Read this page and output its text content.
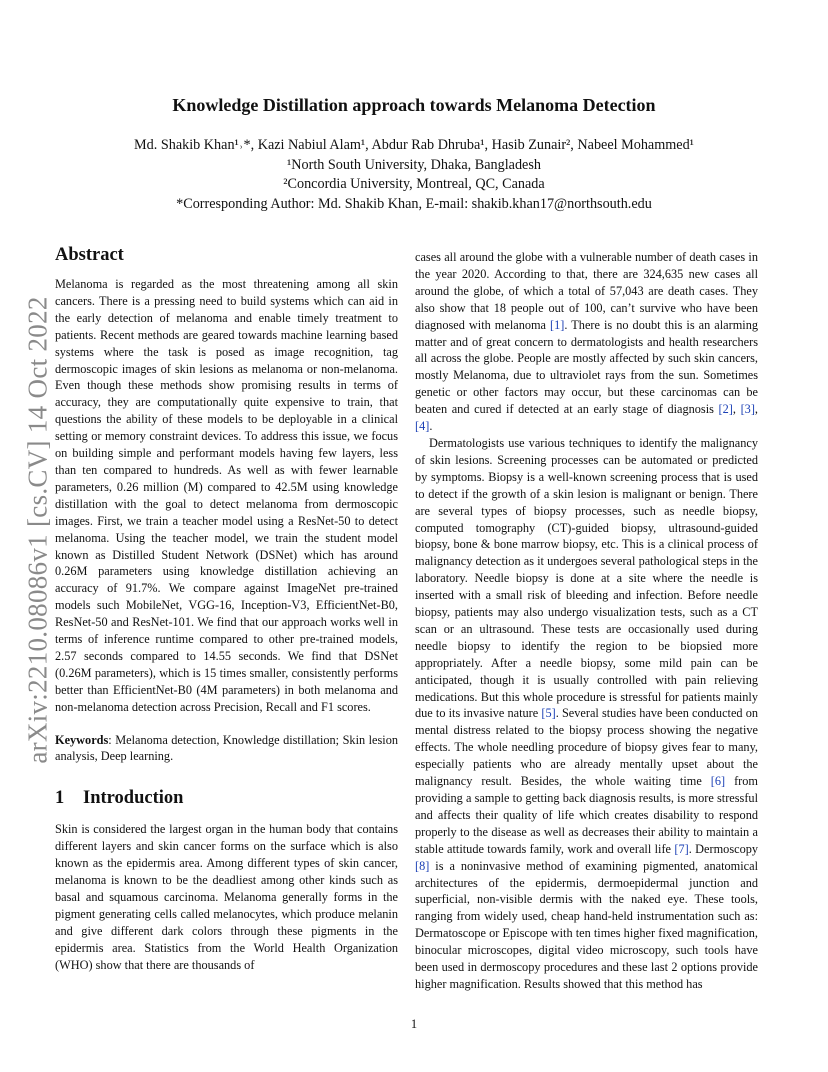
Knowledge Distillation approach towards Melanoma Detection
Md. Shakib Khan¹˒*, Kazi Nabiul Alam¹, Abdur Rab Dhruba¹, Hasib Zunair², Nabeel Mohammed¹
¹North South University, Dhaka, Bangladesh
²Concordia University, Montreal, QC, Canada
*Corresponding Author: Md. Shakib Khan, E-mail: shakib.khan17@northsouth.edu
arXiv:2210.08086v1 [cs.CV] 14 Oct 2022
Abstract

Melanoma is regarded as the most threatening among all skin cancers. There is a pressing need to build systems which can aid in the early detection of melanoma and enable timely treatment to patients. Recent methods are geared towards machine learning based systems where the task is posed as image recognition, tag dermoscopic images of skin lesions as melanoma or non-melanoma. Even though these methods show promising results in terms of accuracy, they are computationally quite expensive to train, that questions the ability of these models to be deployable in a clinical setting or memory constraint devices. To address this issue, we focus on building simple and performant models having few layers, less than ten compared to hundreds. As well as with fewer learnable parameters, 0.26 million (M) compared to 42.5M using knowledge distillation with the goal to detect melanoma from dermoscopic images. First, we train a teacher model using a ResNet-50 to detect melanoma. Using the teacher model, we train the student model known as Distilled Student Network (DSNet) which has around 0.26M parameters using knowledge distillation achieving an accuracy of 91.7%. We compare against ImageNet pre-trained models such MobileNet, VGG-16, Inception-V3, EfficientNet-B0, ResNet-50 and ResNet-101. We find that our approach works well in terms of inference runtime compared to other pre-trained models, 2.57 seconds compared to 14.55 seconds. We find that DSNet (0.26M parameters), which is 15 times smaller, consistently performs better than EfficientNet-B0 (4M parameters) in both melanoma and non-melanoma detection across Precision, Recall and F1 scores.

Keywords: Melanoma detection, Knowledge distillation; Skin lesion analysis, Deep learning.

1 Introduction

Skin is considered the largest organ in the human body that contains different layers and skin cancer forms on the surface which is also known as the epidermis area. Among different types of skin cancer, melanoma is known to be the deadliest among other kinds such as basal and squamous carcinoma. Melanoma generally forms in the pigment generating cells called melanocytes, which produce melanin and give different dark colors through these pigments in the epidermis area. Statistics from the World Health Organization (WHO) show that there are thousands of

cases all around the globe with a vulnerable number of death cases in the year 2020. According to that, there are 324,635 new cases all around the globe, of which a total of 57,043 are death cases. They also show that 18 people out of 100, can’t survive who have been diagnosed with melanoma [1]. There is no doubt this is an alarming matter and of great concern to dermatologists and health researchers all across the globe. People are mostly affected by such skin cancers, mostly Melanoma, due to ultraviolet rays from the sun. Sometimes genetic or other factors may occur, but these carcinomas can be beaten and cured if detected at an early stage of diagnosis [2], [3], [4].

Dermatologists use various techniques to identify the malignancy of skin lesions. Screening processes can be automated or predicted by symptoms. Biopsy is a well-known screening process that is used to detect if the growth of a skin lesion is malignant or benign. There are several types of biopsy processes, such as needle biopsy, computed tomography (CT)-guided biopsy, ultrasound-guided biopsy, bone & bone marrow biopsy, etc. This is a clinical process of malignancy detection as it undergoes several pathological steps in the laboratory. Needle biopsy is done at a site where the needle is inserted with a small risk of bleeding and infection. Before needle biopsy, patients may also undergo visualization tests, such as a CT scan or an ultrasound. These tests are occasionally used during needle biopsy to identify the region to be biopsied more appropriately. After a needle biopsy, some mild pain can be anticipated, though it is usually controlled with pain relieving medications. But this whole procedure is stressful for patients mainly due to its invasive nature [5]. Several studies have been conducted on mental distress related to the biopsy process showing the negative effects. The whole needling procedure of biopsy gives fear to many, especially patients who are already mentally upset about the malignancy result. Besides, the whole waiting time [6] from providing a sample to getting back diagnosis results, is more stressful and affects their quality of life which creates disability to respond properly to the disease as well as decreases their ability to maintain a stable attitude towards family, work and overall life [7]. Dermoscopy [8] is a noninvasive method of examining pigmented, anatomical architectures of the epidermis, dermoepidermal junction and superficial, non-visible dermis with the naked eye. These tools, ranging from widely used, cheap hand-held instrumentation such as: Dermatoscope or Episcope with ten times higher fixed magnification, binocular microscopes, digital video microscopy, such tools have been used in dermoscopy procedures and these last 2 options provide higher magnification. Results showed that this method has

1
